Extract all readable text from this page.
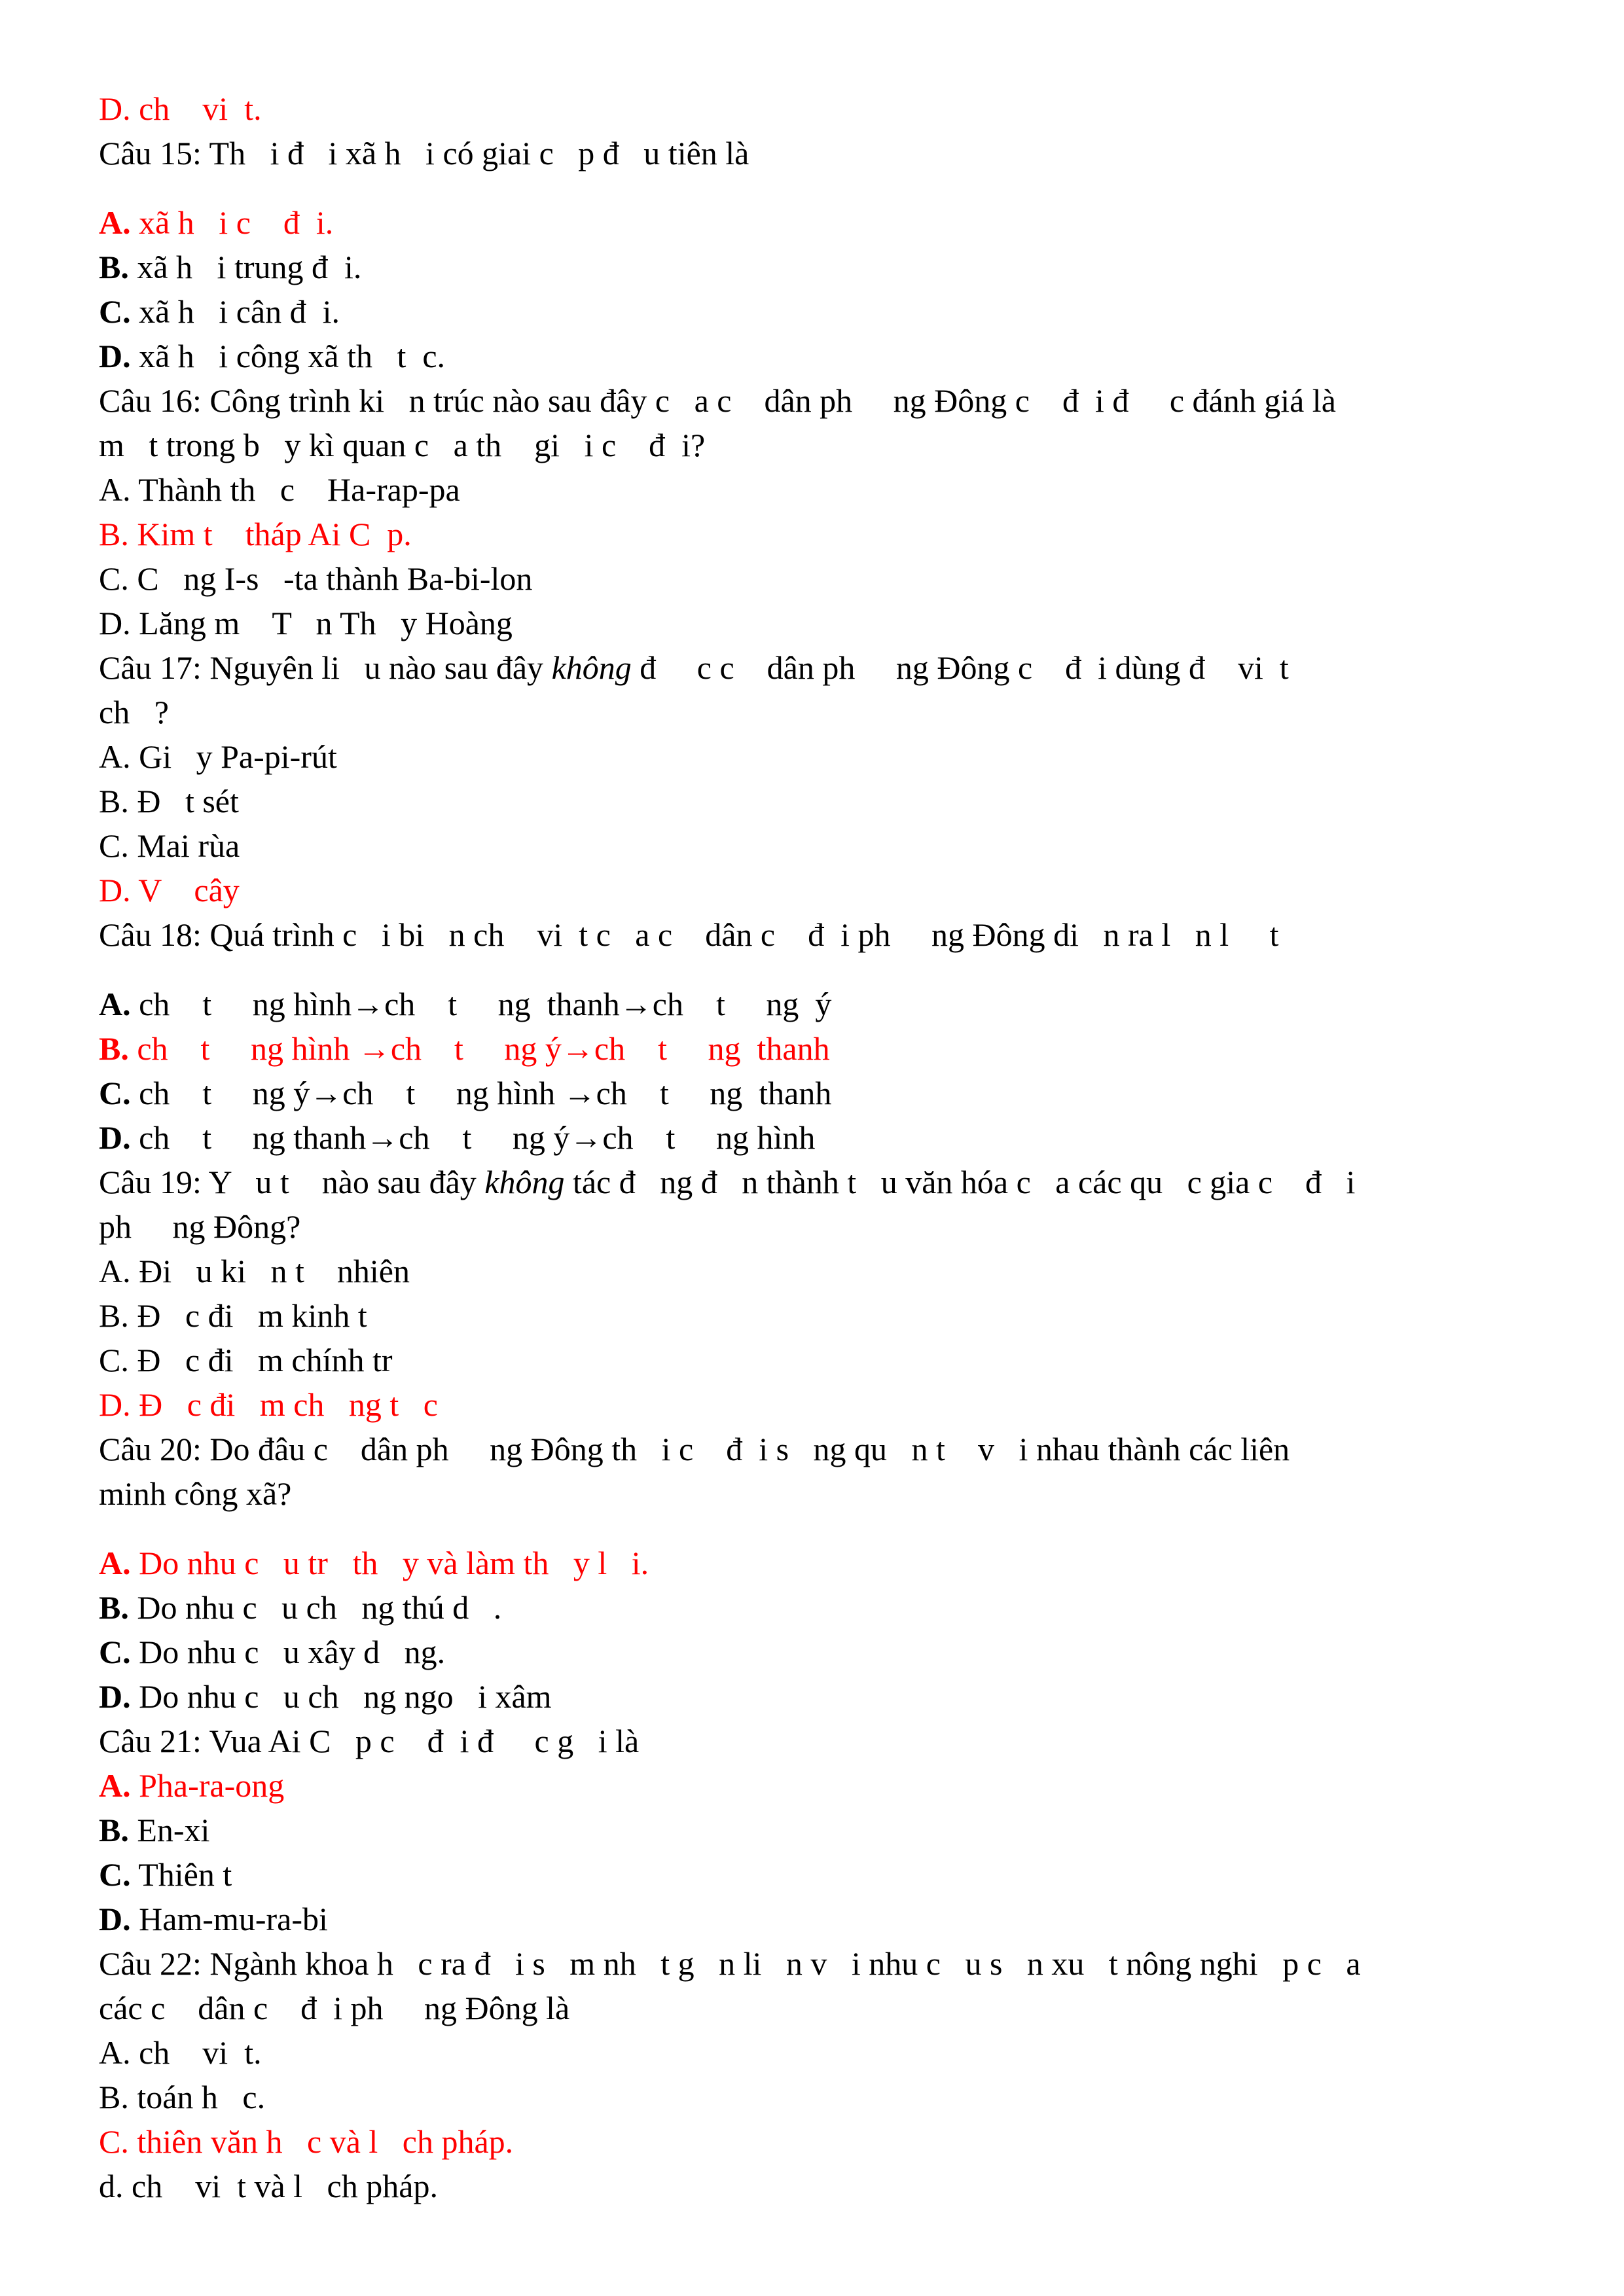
D. ch    vi  t.
Câu 15: Th   i đ   i xã h   i có giai c   p đ   u tiên là
A. xã h   i c    đ  i.
B. xã h   i trung đ  i.
C. xã h   i cân đ  i.
D. xã h   i công xã th   t  c.
Câu 16: Công trình ki   n trúc nào sau đây c   a c    dân ph     ng Đông c    đ  i đ     c đánh giá là
m   t trong b   y kì quan c   a th    gi   i c    đ  i?
A. Thành th   c    Ha-rap-pa
B. Kim t    tháp Ai C  p.
C. C   ng I-s   -ta thành Ba-bi-lon
D. Lăng m    T   n Th   y Hoàng
Câu 17: Nguyên li   u nào sau đây không đ     c c    dân ph     ng Đông c    đ  i dùng đ    vi  t
ch   ?
A. Gi   y Pa-pi-rút
B. Đ   t sét
C. Mai rùa
D. V    cây
Câu 18: Quá trình c   i bi   n ch    vi  t c   a c    dân c    đ  i ph     ng Đông di   n ra l   n l     t
A. ch    t     ng hình→ch    t     ng  thanh→ch    t     ng  ý
B. ch    t     ng hình →ch    t     ng ý→ch    t     ng  thanh
C. ch    t     ng ý→ch    t     ng hình →ch    t     ng  thanh
D. ch    t     ng thanh→ch    t     ng ý→ch    t     ng hình
Câu 19: Y   u t    nào sau đây không tác đ   ng đ   n thành t   u văn hóa c   a các qu   c gia c    đ   i
ph     ng Đông?
A. Đi   u ki   n t    nhiên
B. Đ   c đi   m kinh t
C. Đ   c đi   m chính tr
D. Đ   c đi   m ch   ng t   c
Câu 20: Do đâu c    dân ph     ng Đông th   i c    đ  i s   ng qu   n t    v   i nhau thành các liên
minh công xã?
A. Do nhu c   u tr   th   y và làm th   y l   i.
B. Do nhu c   u ch   ng thú d   .
C. Do nhu c   u xây d   ng.
D. Do nhu c   u ch   ng ngo   i xâm
Câu 21: Vua Ai C   p c    đ  i đ     c g   i là
A. Pha-ra-ong
B. En-xi
C. Thiên t
D. Ham-mu-ra-bi
Câu 22: Ngành khoa h   c ra đ   i s   m nh   t g   n li   n v   i nhu c   u s   n xu   t nông nghi   p c   a
các c    dân c    đ  i ph     ng Đông là
A. ch    vi  t.
B. toán h   c.
C. thiên văn h   c và l   ch pháp.
d. ch    vi  t và l   ch pháp.
